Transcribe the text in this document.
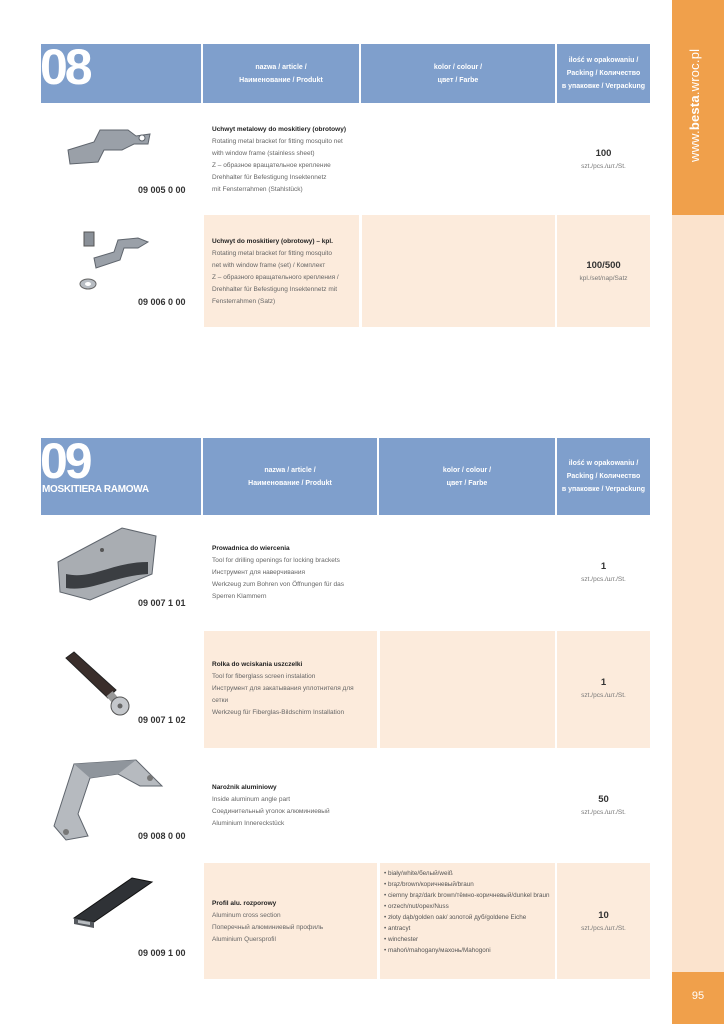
www.besta.wroc.pl
95
08	nazwa / article /
Наименование / Produkt
kolor / colour /
цвет / Farbe
ilość w opakowaniu /
Packing / Количество
в упаковке / Verpackung
09 005 0 00
Uchwyt metalowy do moskitiery (obrotowy)
Rotating metal bracket for fitting mosquito net
with window frame (stainless sheet)
Z – образное вращательное крепление
Drehhalter für Befestigung Insektennetz
mit Fensterrahmen (Stahlstück)
100
szt./pcs./шт./St.
09 006 0 00
Uchwyt do moskitiery (obrotowy) – kpl.
Rotating metal bracket for fitting mosquito
net with window frame (set) / Комплект
Z – образного вращательного крепления /
Drehhalter für Befestigung Insektennetz mit
Fensterrahmen (Satz)
100/500
kpl./set/nap/Satz
09
MOSKITIERA RAMOWA
nazwa / article /
Наименование / Produkt
kolor / colour /
цвет / Farbe
ilość w opakowaniu /
Packing / Количество
в упаковке / Verpackung
09 007 1 01
Prowadnica do wiercenia
Tool for drilling openings for locking brackets
Инструмент для наверчивания
Werkzeug zum Bohren von Öffnungen für das
Sperren Klammern
1
szt./pcs./шт./St.
09 007 1 02
Rolka do wciskania uszczelki
Tool for fiberglass screen instalation
Инструмент для закатывания уплотнителя для
сетки
Werkzeug für Fiberglas-Bildschirm Installation
1
szt./pcs./шт./St.
09 008 0 00
Narożnik aluminiowy
Inside aluminum angle part
Соединительный уголок алюминиевый
Aluminium Innereckstück
50
szt./pcs./шт./St.
09 009 1 00
Profil alu. rozporowy
Aluminum cross section
Поперечный алюминиевый профиль
Aluminium Quersprofil
• biały/white/белый/weiß
• brąz/brown/коричневый/braun
• ciemny brąz/dark brown/тёмно-коричневый/dunkel braun
• orzech/nut/орех/Nuss
• złoty dąb/golden oak/ золотой дуб/goldene Eiche
• antracyt
• winchester
• mahoń/mahogany/махонь/Mahogoni
10
szt./pcs./шт./St.
